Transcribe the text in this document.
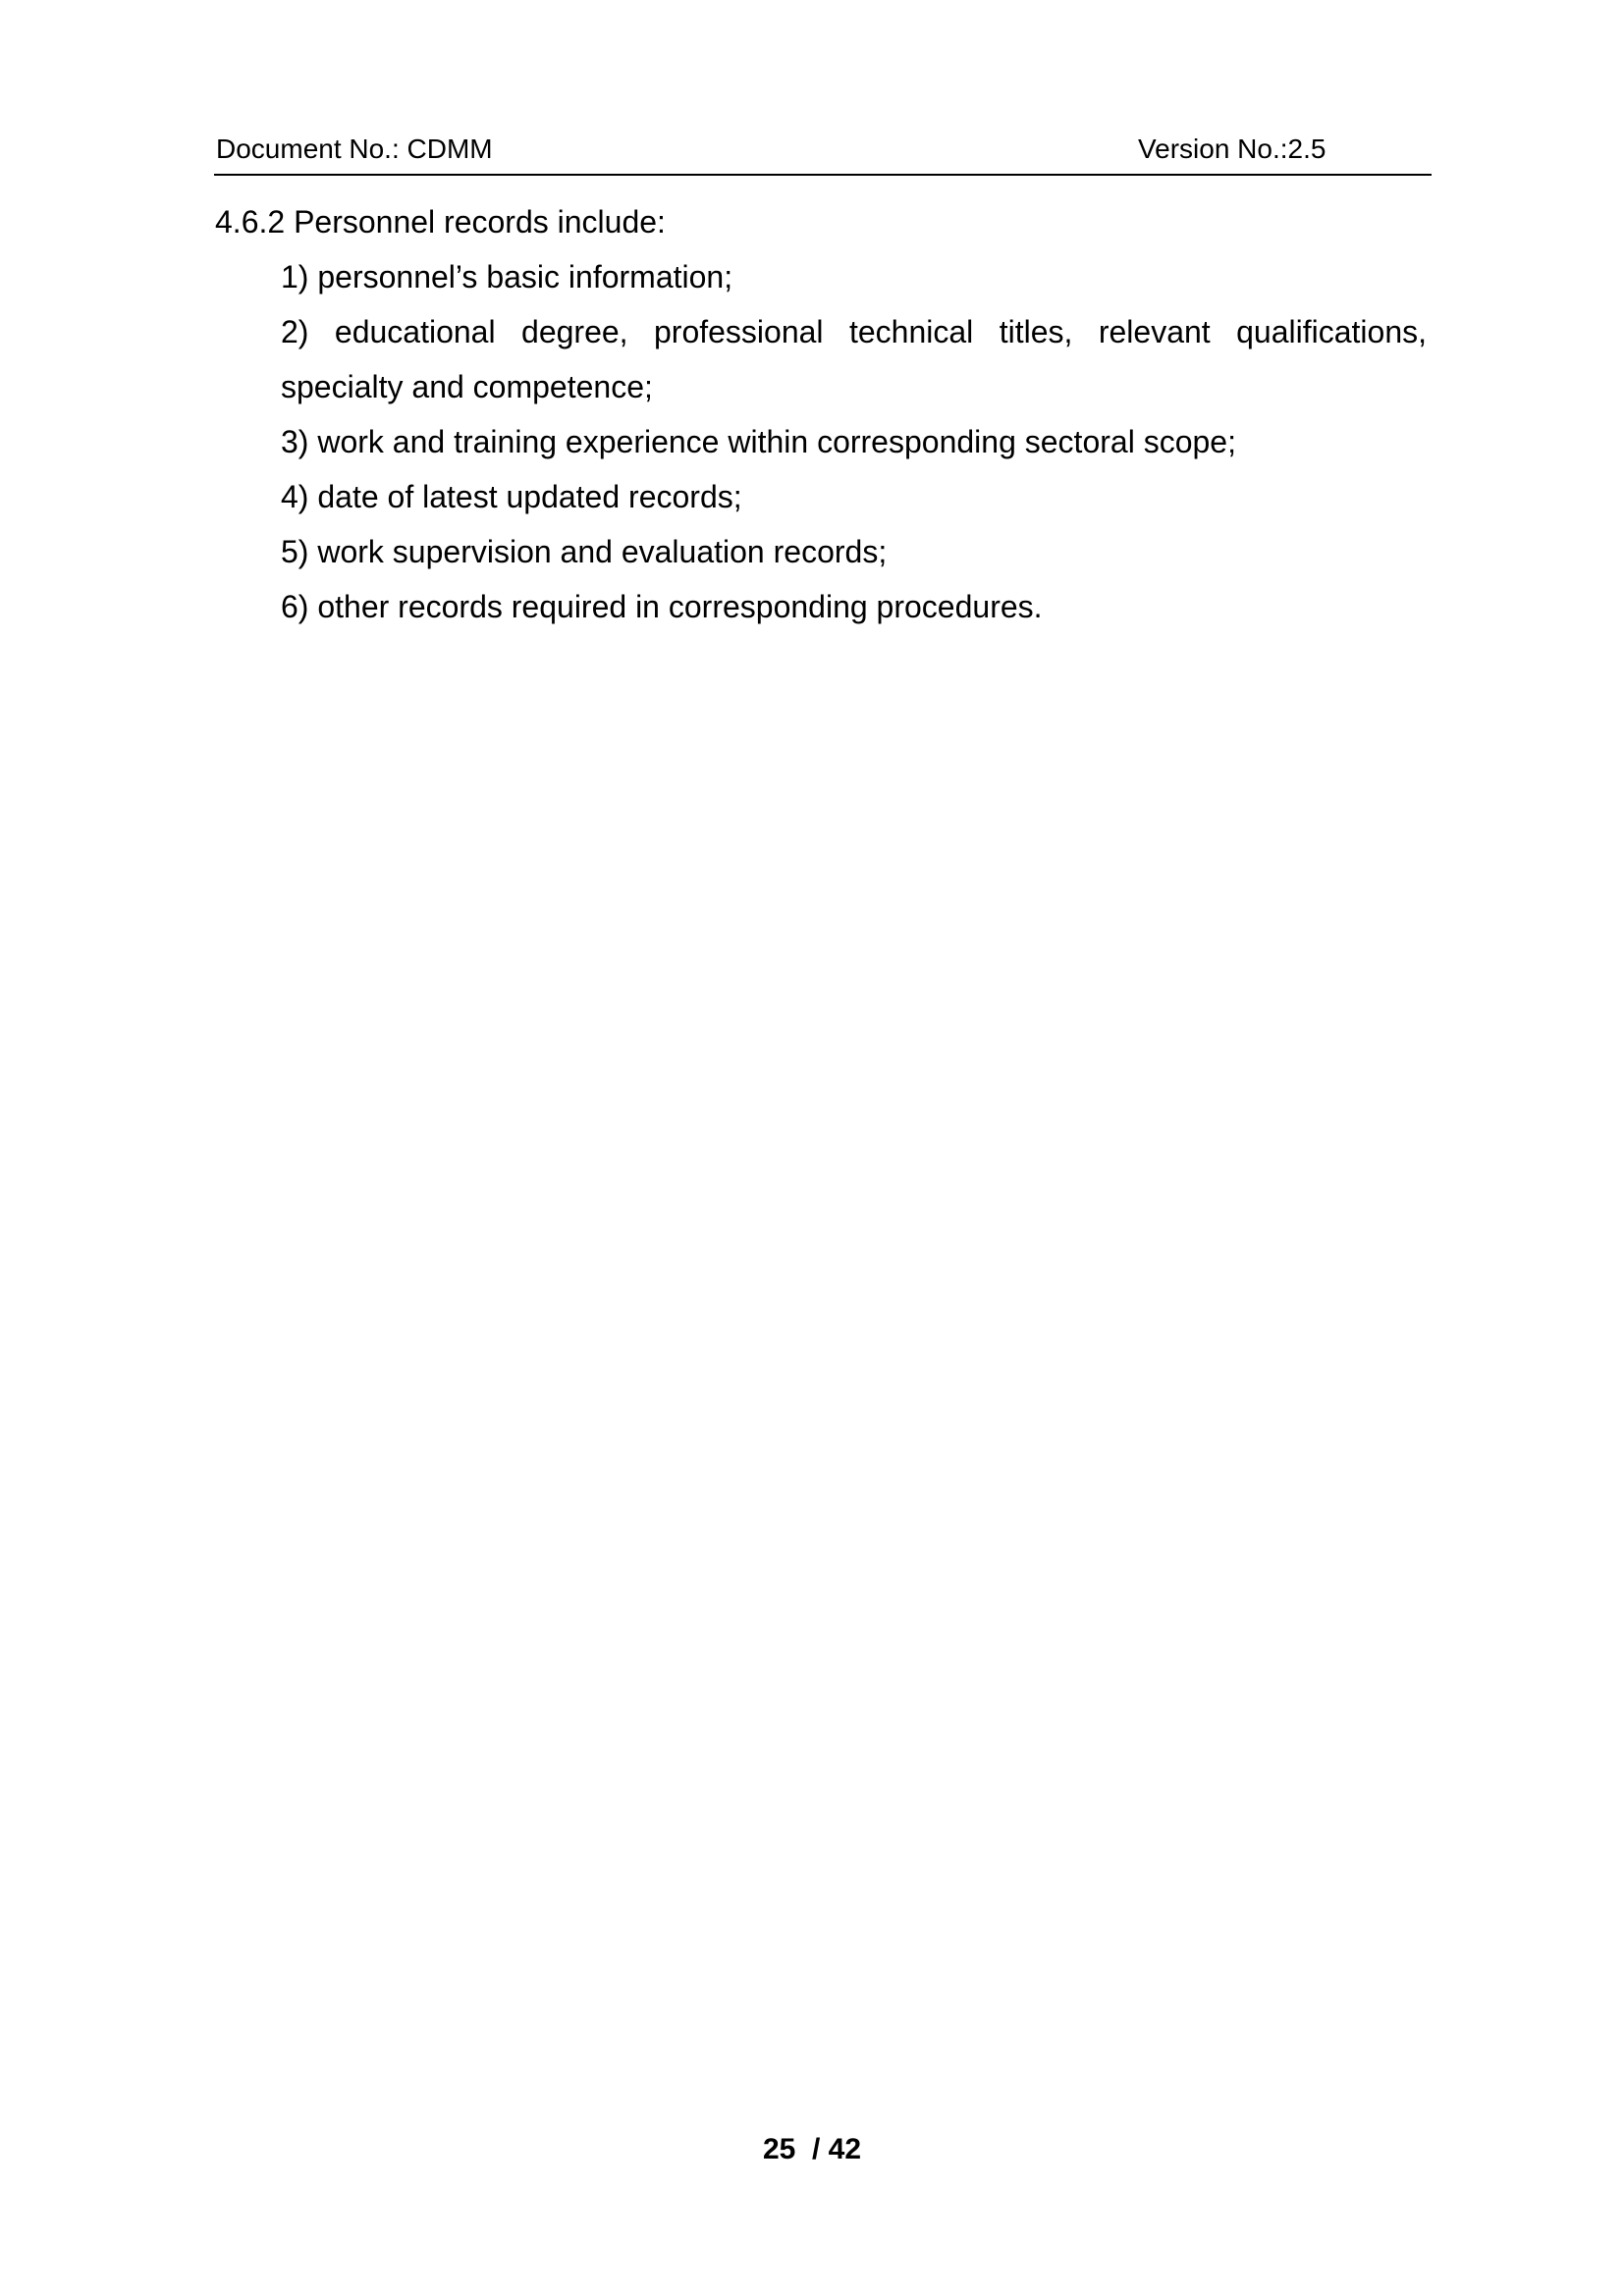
Document No.: CDMM	Version No.:2.5

4.6.2 Personnel records include:

1) personnel’s basic information;

2) educational degree, professional technical titles, relevant qualifications, specialty and competence;

3) work and training experience within corresponding sectoral scope;

4) date of latest updated records;

5) work supervision and evaluation records;

6) other records required in corresponding procedures.

25  / 42
